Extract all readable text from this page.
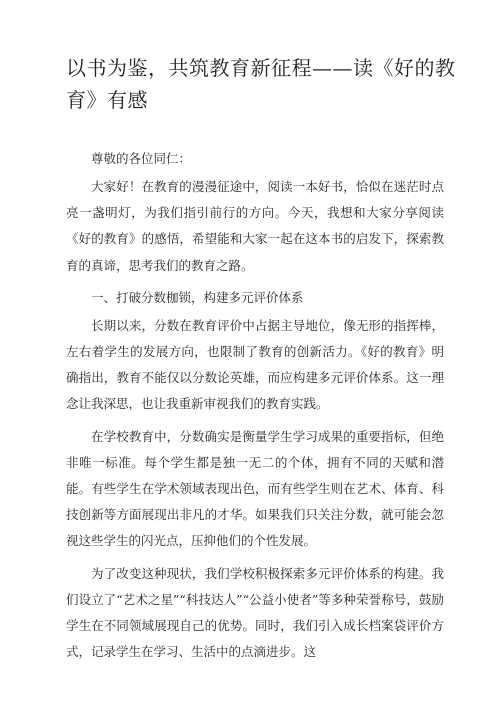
以书为鉴，共筑教育新征程——读《好的教育》有感

尊敬的各位同仁：

大家好！在教育的漫漫征途中，阅读一本好书，恰似在迷茫时点亮一盏明灯，为我们指引前行的方向。今天，我想和大家分享阅读《好的教育》的感悟，希望能和大家一起在这本书的启发下，探索教育的真谛，思考我们的教育之路。

一、打破分数枷锁，构建多元评价体系

长期以来，分数在教育评价中占据主导地位，像无形的指挥棒，左右着学生的发展方向，也限制了教育的创新活力。《好的教育》明确指出，教育不能仅以分数论英雄，而应构建多元评价体系。这一理念让我深思，也让我重新审视我们的教育实践。

在学校教育中，分数确实是衡量学生学习成果的重要指标，但绝非唯一标准。每个学生都是独一无二的个体，拥有不同的天赋和潜能。有些学生在学术领域表现出色，而有些学生则在艺术、体育、科技创新等方面展现出非凡的才华。如果我们只关注分数，就可能会忽视这些学生的闪光点，压抑他们的个性发展。

为了改变这种现状，我们学校积极探索多元评价体系的构建。我们设立了“艺术之星”“科技达人”“公益小使者”等多种荣誉称号，鼓励学生在不同领域展现自己的优势。同时，我们引入成长档案袋评价方式，记录学生在学习、生活中的点滴进步。这
